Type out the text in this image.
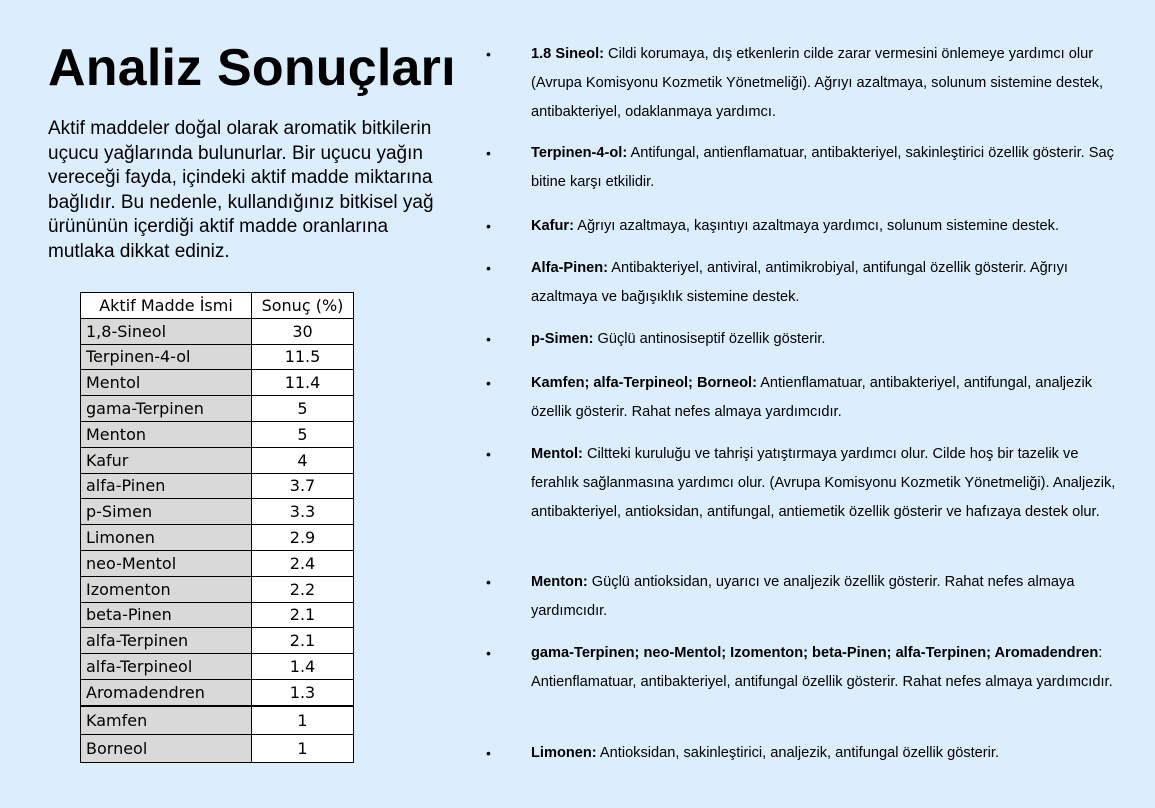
Analiz Sonuçları
Aktif maddeler doğal olarak aromatik bitkilerin uçucu yağlarında bulunurlar. Bir uçucu yağın vereceği fayda, içindeki aktif madde miktarına bağlıdır. Bu nedenle, kullandığınız bitkisel yağ ürününün içerdiği aktif madde oranlarına mutlaka dikkat ediniz.
Aktif Madde İsmi	Sonuç (%)
1,8-Sineol	30
Terpinen-4-ol	11.5
Mentol	11.4
gama-Terpinen	5
Menton	5
Kafur	4
alfa-Pinen	3.7
p-Simen	3.3
Limonen	2.9
neo-Mentol	2.4
Izomenton	2.2
beta-Pinen	2.1
alfa-Terpinen	2.1
alfa-Terpineol	1.4
Aromadendren	1.3
Kamfen	1
Borneol	1
•	1.8 Sineol: Cildi korumaya, dış etkenlerin cilde zarar vermesini önlemeye yardımcı olur (Avrupa Komisyonu Kozmetik Yönetmeliği). Ağrıyı azaltmaya, solunum sistemine destek, antibakteriyel, odaklanmaya yardımcı.
•	Terpinen-4-ol: Antifungal, antienflamatuar, antibakteriyel, sakinleştirici özellik gösterir. Saç bitine karşı etkilidir.
•	Kafur: Ağrıyı azaltmaya, kaşıntıyı azaltmaya yardımcı, solunum sistemine destek.
•	Alfa-Pinen: Antibakteriyel, antiviral, antimikrobiyal, antifungal özellik gösterir. Ağrıyı azaltmaya ve bağışıklık sistemine destek.
•	p-Simen: Güçlü antinosiseptif özellik gösterir.
•	Kamfen; alfa-Terpineol; Borneol: Antienflamatuar, antibakteriyel, antifungal, analjezik özellik gösterir. Rahat nefes almaya yardımcıdır.
•	Mentol: Ciltteki kuruluğu ve tahrişi yatıştırmaya yardımcı olur. Cilde hoş bir tazelik ve ferahlık sağlanmasına yardımcı olur. (Avrupa Komisyonu Kozmetik Yönetmeliği). Analjezik, antibakteriyel, antioksidan, antifungal, antiemetik özellik gösterir ve hafızaya destek olur.
•	Menton: Güçlü antioksidan, uyarıcı ve analjezik özellik gösterir. Rahat nefes almaya yardımcıdır.
•	gama-Terpinen; neo-Mentol; Izomenton; beta-Pinen; alfa-Terpinen; Aromadendren: Antienflamatuar, antibakteriyel, antifungal özellik gösterir. Rahat nefes almaya yardımcıdır.
•	Limonen: Antioksidan, sakinleştirici, analjezik, antifungal özellik gösterir.
